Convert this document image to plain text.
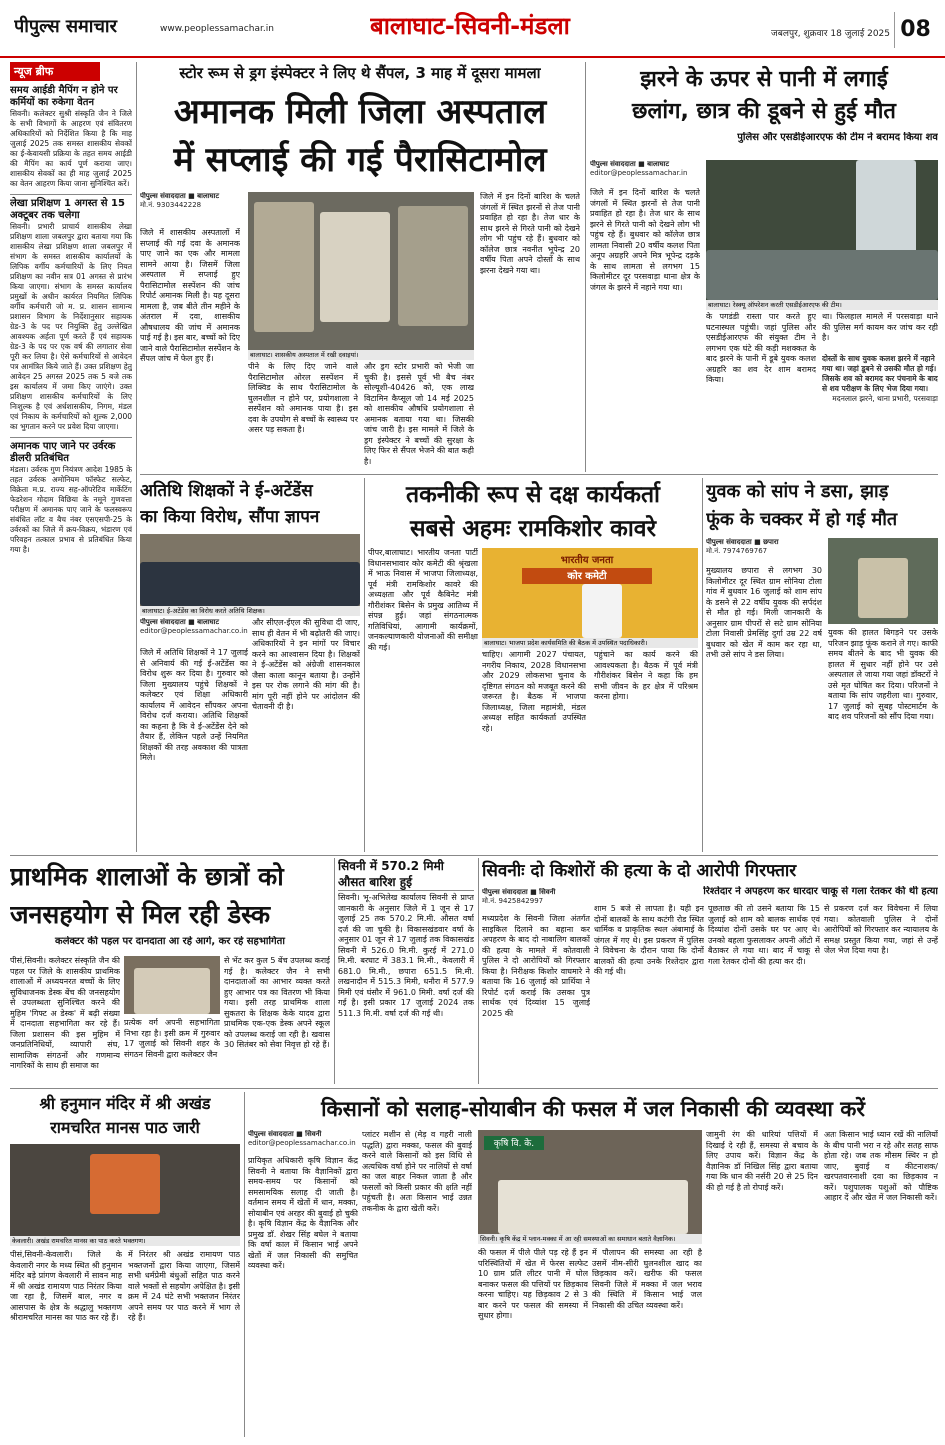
पीपुल्स समाचार	www.peoplessamachar.in	बालाघाट-सिवनी-मंडला	जबलपुर, शुक्रवार 18 जुलाई 2025 08
न्यूज ब्रीफ
समय आईडी मैपिंग न होने पर कर्मियों का रुकेगा वेतन
सिवनी। कलेक्टर सुश्री संस्कृति जैन ने जिले के सभी विभागों के आहरण एवं संवितरण अधिकारियों को निर्देशित किया है कि माह जुलाई 2025 तक समस्त शासकीय सेवकों का ई-केवायसी प्रक्रिया के तहत समय आईडी की मैपिंग का कार्य पूर्ण कराया जाए। शासकीय सेवकों का ही माह जुलाई 2025 का वेतन आहरण किया जाना सुनिश्चित करें।
लेखा प्रशिक्षण 1 अगस्त से 15 अक्टूबर तक चलेगा
सिवनी। प्रभारी प्राचार्य शासकीय लेखा प्रशिक्षण शाला जबलपुर द्वारा बताया गया कि शासकीय लेखा प्रशिक्षण शाला जबलपुर में संभाग के समस्त शासकीय कार्यालयों के लिपिक वर्गीय कर्मचारियों के लिए नियत प्रशिक्षण का नवीन सत्र 01 अगस्त से प्रारंभ किया जाएगा। संभाग के समस्त कार्यालय प्रमुखों के अधीन कार्यरत नियमित लिपिक वर्गीय कर्मचारी जो म. प्र. शासन सामान्य प्रशासन विभाग के निर्देशानुसार सहायक ग्रेड-3 के पद पर नियुक्ति हेतु उल्लेखित आवश्यक अर्हता पूर्ण करते हैं एवं सहायक ग्रेड-3 के पद पर एक वर्ष की लगातार सेवा पूरी कर लिया है। ऐसे कर्मचारियों से आवेदन पत्र आमंत्रित किये जाते हैं। उक्त प्रशिक्षण हेतु आवेदन 25 अगस्त 2025 तक 5 बजे तक इस कार्यालय में जमा किए जाएंगे। उक्त प्रशिक्षण शासकीय कर्मचारियों के लिए निःशुल्क है एवं अर्धशासकीय, निगम, मंडल एवं निकाय के कर्मचारियों को शुल्क 2,000 का भुगतान करने पर प्रवेश दिया जाएगा।
अमानक पाए जाने पर उर्वरक डीलरी प्रतिबंधित
मंडला। उर्वरक गुण नियंत्रण आदेश 1985 के तहत उर्वरक अमोनियम फॉस्फेट सल्फेट, विक्रेता म.प्र. राज्य सह-ऑपरेटिव मार्केटिंग फेडरेशन गोदाम विछिया के नमूने गुणवत्ता परीक्षण में अमानक पाए जाने के फलस्वरूप संबंधित लॉट व बैच नंबर एसएसपी-25 के उर्वरकों का जिले में क्रय-विक्रय, भंडारण एवं परिवहन तत्काल प्रभाव से प्रतिबंधित किया गया है।
स्टोर रूम से ड्रग इंस्पेक्टर ने लिए थे सैंपल, 3 माह में दूसरा मामला
अमानक मिली जिला अस्पताल
में सप्लाई की गई पैरासिटामोल
पीपुल्स संवाददाता ■ बालाघाट
मो.नं. 9303442228
जिले में शासकीय अस्पतालों में सप्लाई की गई दवा के अमानक पाए जाने का एक और मामला सामने आया है। जिसमें जिला अस्पताल में सप्लाई हुए पैरासिटामोल सस्पेंशन की जांच रिपोर्ट अमानक मिली है। यह दूसरा मामला है, जब बीते तीन महीने के अंतराल में दवा, शासकीय औषधालय की जांच में अमानक पाई गई है। इस बार, बच्चों को दिए जाने वाले पैरासिटामोल सस्पेंशन के सैंपल जांच में फेल हुए हैं।	बालाघाट। शासकीय अस्पताल में रखी दवाइयां।
पीने के लिए दिए जाने वाले पैरासिटामोल ओरल सस्पेंशन में लिक्विड के साथ पैरासिटामोल के घुलनशील न होने पर, प्रयोगशाला ने सस्पेंशन को अमानक पाया है। इस दवा के उपयोग से बच्चों के स्वास्थ्य पर असर पड़ सकता है।
और ड्रग स्टोर प्रभारी को भेजी जा चुकी है। इससे पूर्व भी बैच नंबर सोल्यूशी-40426 को, एक लाख विटामिन कैप्सूल जो 14 मई 2025 को शासकीय औषधि प्रयोगशाला से अमानक बताया गया था। जिसकी जांच जारी है। इस मामले में जिले के ड्रग इंस्पेक्टर ने बच्चों की सुरक्षा के लिए फिर से सैंपल भेजने की बात कही है।
जिले में इन दिनों बारिश के चलते जंगलों में स्थित झरनों से तेज पानी प्रवाहित हो रहा है। तेज धार के साथ झरने से गिरते पानी को देखने लोग भी पहुंच रहे हैं। बुधवार को कॉलेज छात्र नवनीत भूपेन्द्र 20 वर्षीय पिता अपने दोस्तों के साथ झरना देखने गया था।
झरने के ऊपर से पानी में लगाई
छलांग, छात्र की डूबने से हुई मौत
पुलिस और एसडीईआरएफ की टीम ने बरामद किया शव
पीपुल्स संवाददाता ■ बालाघाट
editor@peoplessamachar.in
जिले में इन दिनों बारिश के चलते जंगलों में स्थित झरनों से तेज पानी प्रवाहित हो रहा है। तेज धार के साथ झरने से गिरते पानी को देखने लोग भी पहुंच रहे हैं। बुधवार को कॉलेज छात्र लामता निवासी 20 वर्षीय कलश पिता अनूप अग्रहरि अपने मित्र भूपेन्द्र दड़के के साथ लामता से लगभग 15 किलोमीटर दूर परसवाड़ा थाना क्षेत्र के जंगल के झरने में नहाने गया था।
बालाघाट। रेस्क्यू ऑपरेशन करती एसडीईआरएफ की टीम।
के पगडंडी रास्ता पार करते हुए घटनास्थल पहुंची। जहां पुलिस और एसडीईआरएफ की संयुक्त टीम ने लगभग एक घंटे की कड़ी मशक्कत के बाद झरने के पानी में डूबे युवक कलश अग्रहरि का शव देर शाम बरामद किया।
था। फिलहाल मामले में परसवाड़ा थाने की पुलिस मर्ग कायम कर जांच कर रही है।
दोस्तों के साथ युवक कलश झरने में नहाने गया था। जहां डूबने से उसकी मौत हो गई। जिसके शव को बरामद कर पंचनामे के बाद से शव परीक्षण के लिए भेज दिया गया।
मदनलाल झरने, थाना प्रभारी, परसवाड़ा
अतिथि शिक्षकों ने ई-अटेंडेंस
का किया विरोध, सौंपा ज्ञापन
बालाघाट। ई-अटेंडेंस का विरोध करते अतिथि शिक्षक।
पीपुल्स संवाददाता ■ बालाघाट
editor@peoplessamachar.co.in
जिले में अतिथि शिक्षकों ने 17 जुलाई से अनिवार्य की गई ई-अटेंडेंस का विरोध शुरू कर दिया है। गुरुवार को जिला मुख्यालय पहुंचे शिक्षकों ने कलेक्टर एवं शिक्षा अधिकारी कार्यालय में आवेदन सौंपकर अपना विरोध दर्ज कराया। अतिथि शिक्षकों का कहना है कि वे ई-अटेंडेंस देने को तैयार हैं, लेकिन पहले उन्हें नियमित शिक्षकों की तरह अवकाश की पात्रता मिले।
और सीएल-ईएल की सुविधा दी जाए, साथ ही वेतन में भी बढ़ोतरी की जाए। अधिकारियों ने इन मांगों पर विचार करने का आश्वासन दिया है। शिक्षकों ने ई-अटेंडेंस को अंग्रेजी शासनकाल जैसा काला कानून बताया है। उन्होंने इस पर रोक लगाने की मांग की है। मांग पूरी नहीं होने पर आंदोलन की चेतावनी दी है।
तकनीकी रूप से दक्ष कार्यकर्ता
सबसे अहमः रामकिशोर कावरे
पीपर,बालाघाट। भारतीय जनता पार्टी विधानसभावार कोर कमेटी की श्रृंखला में भाऊ निवास में भाजपा जिलाध्यक्ष, पूर्व मंत्री रामकिशोर कावरे की अध्यक्षता और पूर्व कैबिनेट मंत्री गौरीशंकर बिसेन के प्रमुख आतिथ्य में संपन्न हुई। जहां संगठनात्मक गतिविधियां, आगामी कार्यक्रमों, जनकल्याणकारी योजनाओं की समीक्षा की गई।
भारतीय जनता
कोर कमेटी
बालाघाट। भाजपा प्रदेश कार्यसमिति की बैठक में उपस्थित पदाधिकारी।
चाहिए। आगामी 2027 पंचायत, नगरीय निकाय, 2028 विधानसभा और 2029 लोकसभा चुनाव के दृष्टिगत संगठन को मजबूत करने की जरूरत है। बैठक में भाजपा जिलाध्यक्ष, जिला महामंत्री, मंडल अध्यक्ष सहित कार्यकर्ता उपस्थित रहे।
पहुंचाने का कार्य करने की आवश्यकता है। बैठक में पूर्व मंत्री गौरीशंकर बिसेन ने कहा कि हम सभी जीवन के हर क्षेत्र में परिश्रम करना होगा।
युवक को सांप ने डसा, झाड़
फूंक के चक्कर में हो गई मौत
पीपुल्स संवाददाता ■ छपारा
मो.नं. 7974769767
मुख्यालय छपारा से लगभग 30 किलोमीटर दूर स्थित ग्राम सोनिया टोला गांव में बुधवार 16 जुलाई को शाम सांप के डसने से 22 वर्षीय युवक की सर्पदंश से मौत हो गई। मिली जानकारी के अनुसार ग्राम पीपरों से सटे ग्राम सोनिया टोला निवासी प्रेमसिंह दुर्गा उम्र 22 वर्ष बुधवार को खेत में काम कर रहा था, तभी उसे सांप ने डस लिया।
युवक की हालत बिगड़ने पर उसके परिजन झाड़ फूंक कराने ले गए। काफी समय बीतने के बाद भी युवक की हालत में सुधार नहीं होने पर उसे अस्पताल ले जाया गया जहां डॉक्टरों ने उसे मृत घोषित कर दिया। परिजनों ने बताया कि सांप जहरीला था। गुरुवार, 17 जुलाई को सुबह पोस्टमार्टम के बाद शव परिजनों को सौंप दिया गया।
प्राथमिक शालाओं के छात्रों को
जनसहयोग से मिल रही डेस्क
कलेक्टर की पहल पर दानदाता आ रहे आगे, कर रहे सहभागिता
पीसं,सिवनी। कलेक्टर संस्कृति जैन की पहल पर जिले के शासकीय प्राथमिक शालाओं में अध्ययनरत बच्चों के लिए सुविधाजनक डेस्क बेंच की जनसहयोग से उपलब्धता सुनिश्चित करने की मुहिम 'गिफ्ट अ डेस्क' में बढ़ी संख्या में दानदाता सहभागिता कर रहे हैं। जिला प्रशासन की इस मुहिम में जनप्रतिनिधियों, व्यापारी संघ, सामाजिक संगठनों और गणमान्य नागरिकों के साथ ही समाज का
प्रत्येक वर्ग अपनी सहभागिता निभा रहा है। इसी क्रम में गुरुवार 17 जुलाई को सिवनी शहर के संगठन सिवनी द्वारा कलेक्टर जैन
से भेंट कर कुल 5 बेंच उपलब्ध कराई गई है। कलेक्टर जैन ने सभी दानदाताओं का आभार व्यक्त करते हुए आभार पत्र का वितरण भी किया गया। इसी तरह प्राथमिक शाला सुकतरा के शिक्षक केके यादव द्वारा प्राथमिक एक-एक डेस्क अपने स्कूल को उपलब्ध कराई जा रही है। खवास 30 सितंबर को सेवा निवृत्त हो रहे हैं।
सिवनी में 570.2 मिमी
औसत बारिश हुई
सिवनी। भू-अभिलेख कार्यालय सिवनी से प्राप्त जानकारी के अनुसार जिले में 1 जून से 17 जुलाई 25 तक 570.2 मि.मी. औसत वर्षा दर्ज की जा चुकी है। विकासखंडवार वर्षा के अनुसार 01 जून से 17 जुलाई तक विकासखंड सिवनी में 526.0 मि.मी. कुरई में 271.0 मि.मी. बरघाट में 383.1 मि.मी., केवलारी में 681.0 मि.मी., छपारा 651.5 मि.मी. लखनादौन में 515.3 मिमी, धनौरा में 577.9 मिमी एवं घंसौर में 961.0 मिमी. वर्षा दर्ज की गई है। इसी प्रकार 17 जुलाई 2024 तक 511.3 मि.मी. वर्षा दर्ज की गई थी।
सिवनीः दो किशोरों की हत्या के दो आरोपी गिरफ्तार
रिश्तेदार ने अपहरण कर धारदार चाकू से गला रेतकर की थी हत्या
पीपुल्स संवाददाता ■ सिवनी
मो.नं. 9425842997
मध्यप्रदेश के सिवनी जिला अंतर्गत साइकिल दिलाने का बहाना कर अपहरण के बाद दो नाबालिग बालकों की हत्या के मामले में कोतवाली पुलिस ने दो आरोपियों को गिरफ्तार किया है। निरीक्षक किशोर वाघमारे ने बताया कि 16 जुलाई को प्रार्थिया ने रिपोर्ट दर्ज कराई कि उसका पुत्र सार्थक एवं दिव्यांश 15 जुलाई 2025 की
शाम 5 बजे से लापता है। यही इन दोनों बालकों के साथ कटंगी रोड स्थित धार्मिक व प्राकृतिक स्थल अंबामाई के जंगल में गए थे। इस प्रकरण में पुलिस ने विवेचना के दौरान पाया कि दोनों बालकों की हत्या उनके रिश्तेदार द्वारा की गई थी।
पूछताछ की तो उसने बताया कि 15 जुलाई को शाम को बालक सार्थक एवं दिव्यांश दोनों उसके घर पर आए थे। उनको बहला फुसलाकर अपनी ऑटो में बैठाकर ले गया था। बाद में चाकू से गला रेतकर दोनों की हत्या कर दी।
से प्रकरण दर्ज कर विवेचना में लिया गया। कोतवाली पुलिस ने दोनों आरोपियों को गिरफ्तार कर न्यायालय के समक्ष प्रस्तुत किया गया, जहां से उन्हें जेल भेज दिया गया है।
श्री हनुमान मंदिर में श्री अखंड
रामचरित मानस पाठ जारी
केवलारी। अखंड रामचरित मानस का पाठ करते भक्तगण।
पीसं,सिवनी-केवलारी। जिले के केवलारी नगर के मध्य स्थित श्री हनुमान मंदिर बड़े प्रांगण केवलारी में सावन माह में श्री अखंड रामायण पाठ निरंतर किया जा रहा है, जिसमें बाल, नगर व आसपास के क्षेत्र के श्रद्धालु भक्तगण श्रीरामचरित मानस का पाठ कर रहे हैं।
में निरंतर श्री अखंड रामायण पाठ भक्तजनों द्वारा किया जाएगा, जिसमें सभी धर्मप्रेमी बंधुओं सहित पाठ करने वाले भक्तों से सहयोग अपेक्षित है। इसी क्रम में 24 घंटे सभी भक्तजन निरंतर अपने समय पर पाठ करने में भाग ले रहे हैं।
किसानों को सलाह-सोयाबीन की फसल में जल निकासी की व्यवस्था करें
पीपुल्स संवाददाता ■ सिवनी
editor@peoplessamachar.co.in
प्रायिकृत अधिकारी कृषि विज्ञान केंद्र सिवनी ने बताया कि वैज्ञानिकों द्वारा समय-समय पर किसानों को समसामयिक सलाह दी जाती है। वर्तमान समय में खेतों में धान, मक्का, सोयाबीन एवं अरहर की बुवाई हो चुकी है। कृषि विज्ञान केंद्र के वैज्ञानिक और प्रमुख डॉ. शेखर सिंह बघेल ने बताया कि वर्षा काल में किसान भाई अपने खेतों में जल निकासी की समुचित व्यवस्था करें।
प्लांटर मशीन से (मेड़ व गहरी नाली पद्धति) द्वारा मक्का, फसल की बुवाई करने वाले किसानों को इस विधि से अत्यधिक वर्षा होने पर नालियों से वर्षा का जल बाहर निकल जाता है और फसलों को किसी प्रकार की क्षति नहीं पहुंचती है। अतः किसान भाई उन्नत तकनीक के द्वारा खेती करें।
कृषि वि. के.
सिवनी। कृषि केंद्र में प्लान-मक्का में आ रही समस्याओं का समाधान बताते वैज्ञानिक।
की फसल में पीले पीले पड़ रहे हैं इन परिस्थितियों में खेत में फेरस सल्फेट 10 ग्राम प्रति लीटर पानी में घोल बनाकर फसल की पत्तियों पर छिड़काव करना चाहिए। यह छिड़काव 2 से 3 बार करने पर फसल की समस्या में सुधार होगा।
में पौलापन की समस्या आ रही है उसमें नीम-सीरी घुलनशील खाद का छिड़काव करें। खरीफ की फसल सिवनी जिले में मक्का में जल भराव की स्थिति में किसान भाई जल निकासी की उचित व्यवस्था करें।
जामुनी रंग की धारियां पत्तियों में दिखाई दे रही हैं, समस्या से बचाव के लिए उपाय करें। विज्ञान केंद्र के वैज्ञानिक डॉ निखिल सिंह द्वारा बताया गया कि धान की नर्सरी 20 से 25 दिन की हो गई है तो रोपाई करें।
अतः किसान भाई ध्यान रखें की नालियों के बीच पानी भरा न रहे और सतह साफ होता रहे। जब तक मौसम स्थिर न हो जाए, बुवाई व कीटनाशक/खरपतवारनाशी दवा का छिड़काव न करें। पशुपालक पशुओं को पौष्टिक आहार दें और खेत में जल निकासी करें।
